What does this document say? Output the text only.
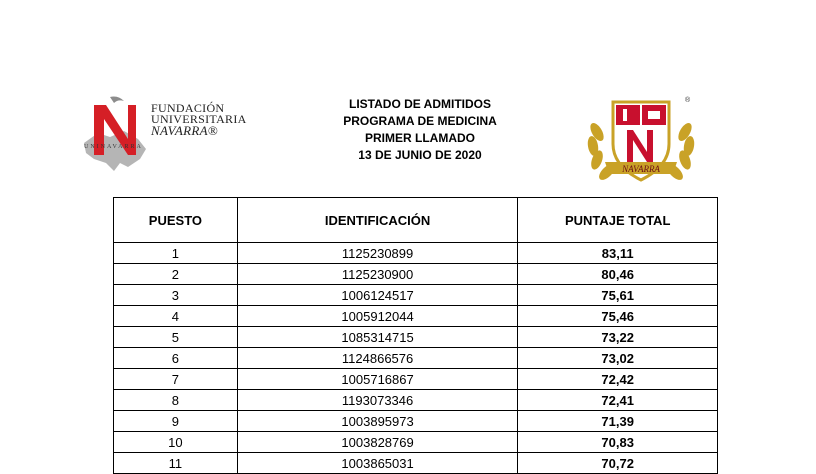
FUNDACIÓN
UNIVERSITARIA
NAVARRA®
UNINAVARRA
LISTADO DE ADMITIDOS
PROGRAMA DE MEDICINA
PRIMER LLAMADO
13 DE JUNIO DE 2020
NAVARRA
®
PUESTO	IDENTIFICACIÓN	PUNTAJE TOTAL
1	1125230899	83,11
2	1125230900	80,46
3	1006124517	75,61
4	1005912044	75,46
5	1085314715	73,22
6	1124866576	73,02
7	1005716867	72,42
8	1193073346	72,41
9	1003895973	71,39
10	1003828769	70,83
11	1003865031	70,72
